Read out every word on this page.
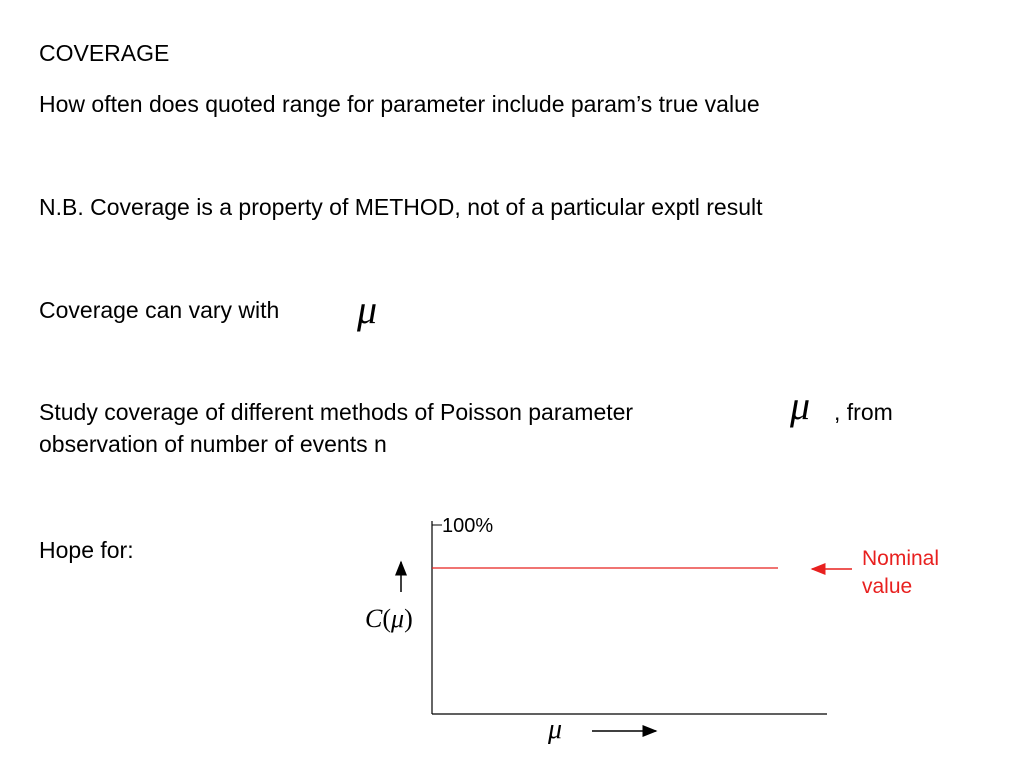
COVERAGE
How often does quoted range for parameter include param’s true value
N.B. Coverage is a property of METHOD, not of a particular exptl result
Coverage can vary with μ
Study coverage of different methods of Poisson parameter	μ , from
observation of number of events n
Hope for:
100%
Nominal
value
C(μ)
μ
